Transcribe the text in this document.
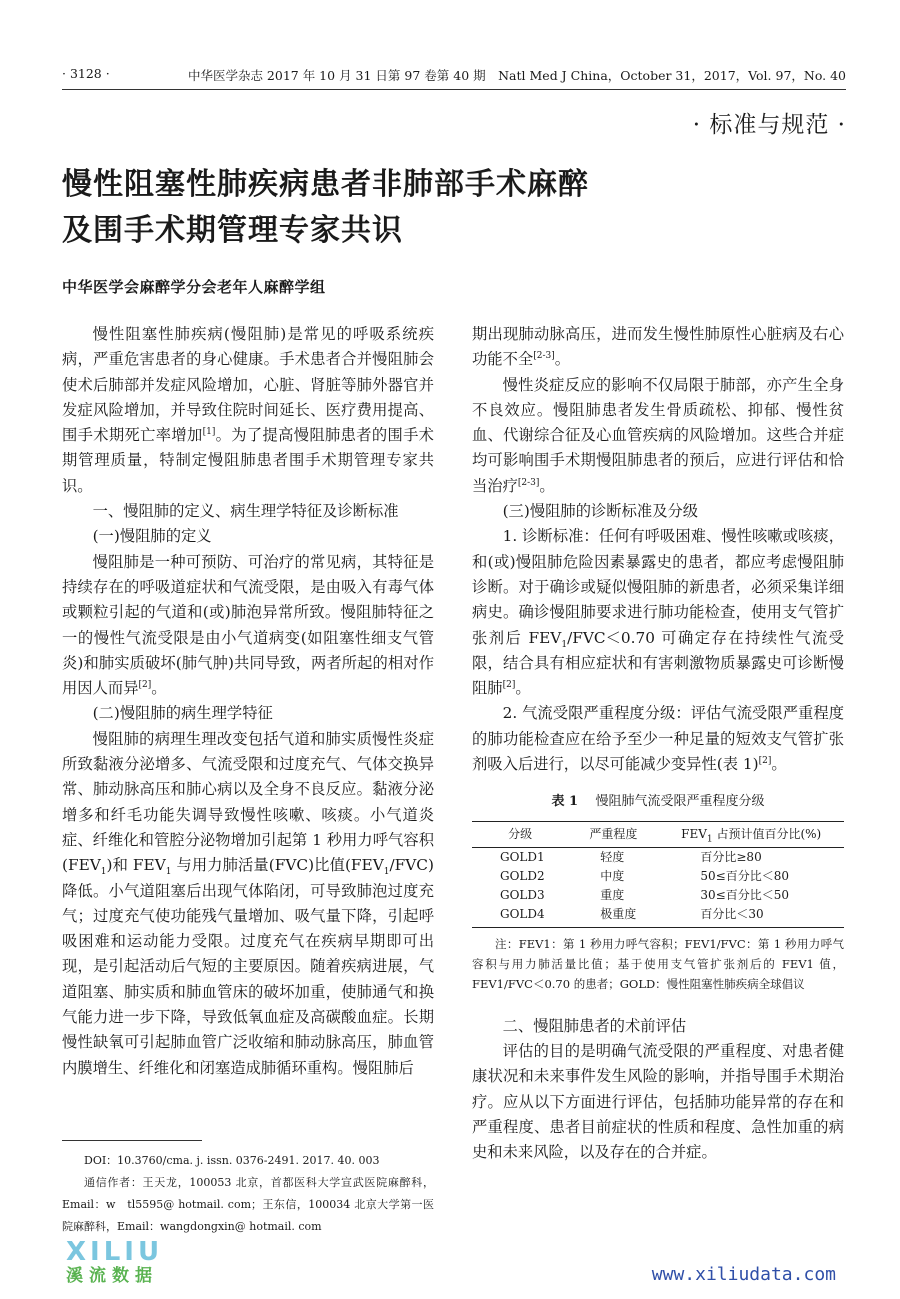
· 3128 ·	中华医学杂志 2017 年 10 月 31 日第 97 卷第 40 期　Natl Med J China，October 31，2017，Vol. 97，No. 40
· 标准与规范 ·
慢性阻塞性肺疾病患者非肺部手术麻醉
及围手术期管理专家共识
中华医学会麻醉学分会老年人麻醉学组

慢性阻塞性肺疾病(慢阻肺)是常见的呼吸系统疾病，严重危害患者的身心健康。手术患者合并慢阻肺会使术后肺部并发症风险增加，心脏、肾脏等肺外器官并发症风险增加，并导致住院时间延长、医疗费用提高、围手术期死亡率增加[1]。为了提高慢阻肺患者的围手术期管理质量，特制定慢阻肺患者围手术期管理专家共识。

一、慢阻肺的定义、病生理学特征及诊断标准

(一)慢阻肺的定义

慢阻肺是一种可预防、可治疗的常见病，其特征是持续存在的呼吸道症状和气流受限，是由吸入有毒气体或颗粒引起的气道和(或)肺泡异常所致。慢阻肺特征之一的慢性气流受限是由小气道病变(如阻塞性细支气管炎)和肺实质破坏(肺气肿)共同导致，两者所起的相对作用因人而异[2]。

(二)慢阻肺的病生理学特征

慢阻肺的病理生理改变包括气道和肺实质慢性炎症所致黏液分泌增多、气流受限和过度充气、气体交换异常、肺动脉高压和肺心病以及全身不良反应。黏液分泌增多和纤毛功能失调导致慢性咳嗽、咳痰。小气道炎症、纤维化和管腔分泌物增加引起第 1 秒用力呼气容积$(FEV_1)$和 $FEV_1$ 与用力肺活量(FVC)比值$(FEV_1/FVC)$降低。小气道阻塞后出现气体陷闭，可导致肺泡过度充气；过度充气使功能残气量增加、吸气量下降，引起呼吸困难和运动能力受限。过度充气在疾病早期即可出现，是引起活动后气短的主要原因。随着疾病进展，气道阻塞、肺实质和肺血管床的破坏加重，使肺通气和换气能力进一步下降，导致低氧血症及高碳酸血症。长期慢性缺氧可引起肺血管广泛收缩和肺动脉高压，肺血管内膜增生、纤维化和闭塞造成肺循环重构。慢阻肺后

期出现肺动脉高压，进而发生慢性肺原性心脏病及右心功能不全[2-3]。

慢性炎症反应的影响不仅局限于肺部，亦产生全身不良效应。慢阻肺患者发生骨质疏松、抑郁、慢性贫血、代谢综合征及心血管疾病的风险增加。这些合并症均可影响围手术期慢阻肺患者的预后，应进行评估和恰当治疗[2-3]。

(三)慢阻肺的诊断标准及分级

1. 诊断标准：任何有呼吸困难、慢性咳嗽或咳痰，和(或)慢阻肺危险因素暴露史的患者，都应考虑慢阻肺诊断。对于确诊或疑似慢阻肺的新患者，必须采集详细病史。确诊慢阻肺要求进行肺功能检查，使用支气管扩张剂后 $FEV_1/FVC<0.70$ 可确定存在持续性气流受限，结合具有相应症状和有害刺激物质暴露史可诊断慢阻肺[2]。

2. 气流受限严重程度分级：评估气流受限严重程度的肺功能检查应在给予至少一种足量的短效支气管扩张剂吸入后进行，以尽可能减少变异性(表 1)[2]。

表 1　 慢阻肺气流受限严重程度分级
分级	严重程度	$FEV_1$ 占预计值百分比(%)
GOLD1	轻度	百分比≥80
GOLD2	中度	50≤百分比＜80
GOLD3	重度	30≤百分比＜50
GOLD4	极重度	百分比＜30

注：FEV1：第 1 秒用力呼气容积；FEV1/FVC：第 1 秒用力呼气容积与用力肺活量比值；基于使用支气管扩张剂后的 FEV1 值，FEV1/FVC＜0.70 的患者；GOLD：慢性阻塞性肺疾病全球倡议

二、慢阻肺患者的术前评估

评估的目的是明确气流受限的严重程度、对患者健康状况和未来事件发生风险的影响，并指导围手术期治疗。应从以下方面进行评估，包括肺功能异常的存在和严重程度、患者目前症状的性质和程度、急性加重的病史和未来风险，以及存在的合并症。

DOI：10.3760/cma. j. issn. 0376-2491. 2017. 40. 003

通信作者：王天龙，100053 北京，首都医科大学宣武医院麻醉科，Email：w　tl5595@ hotmail. com；王东信，100034 北京大学第一医院麻醉科，Email：wangdongxin@ hotmail. com

XILIU
溪流数据	www.xiliudata.com
